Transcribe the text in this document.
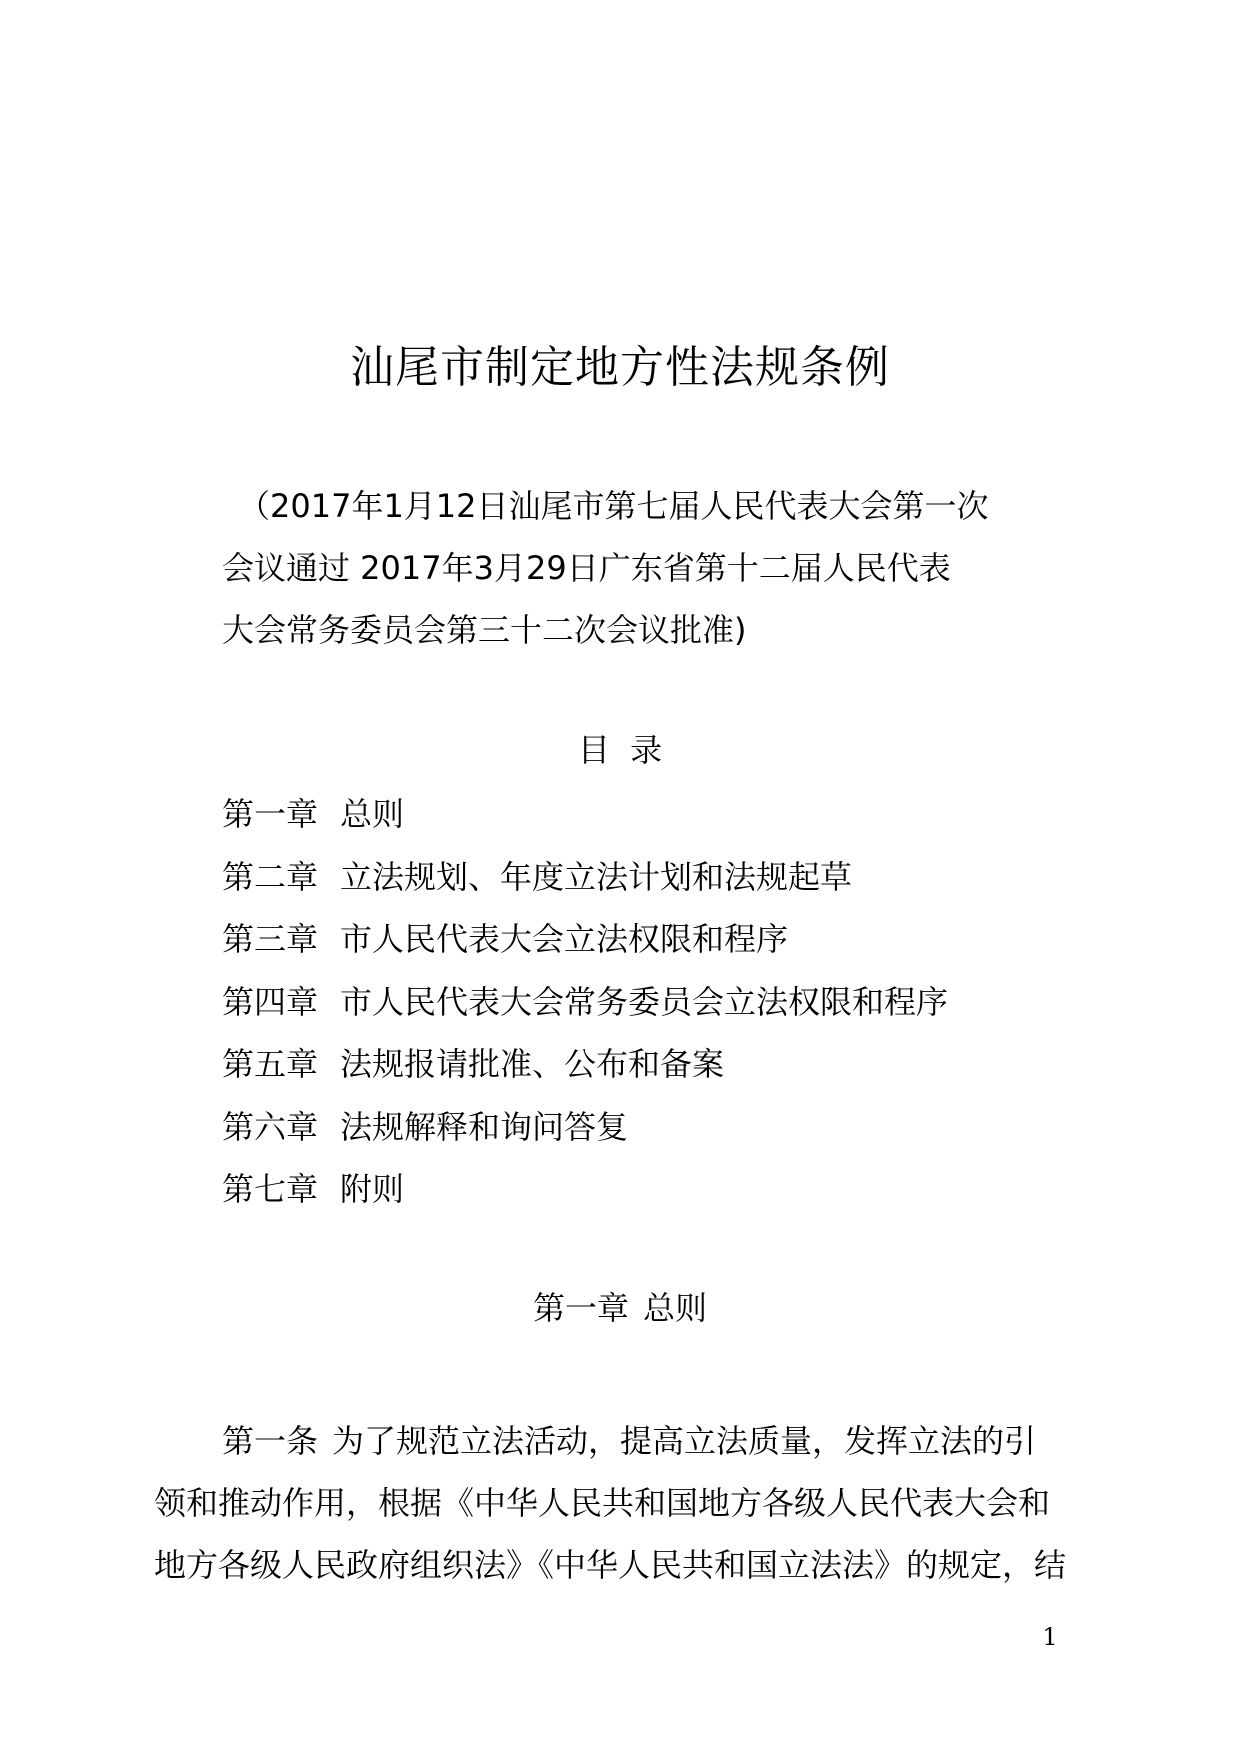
汕尾市制定地方性法规条例
（2017年1月12日汕尾市第七届人民代表大会第一次
会议通过 2017年3月29日广东省第十二届人民代表
大会常务委员会第三十二次会议批准)
目  录
第一章 总则
第二章 立法规划、年度立法计划和法规起草
第三章 市人民代表大会立法权限和程序
第四章 市人民代表大会常务委员会立法权限和程序
第五章 法规报请批准、公布和备案
第六章 法规解释和询问答复
第七章 附则
第一章 总则
第一条 为了规范立法活动，提高立法质量，发挥立法的引
领和推动作用，根据《中华人民共和国地方各级人民代表大会和
地方各级人民政府组织法》《中华人民共和国立法法》的规定，结
1
